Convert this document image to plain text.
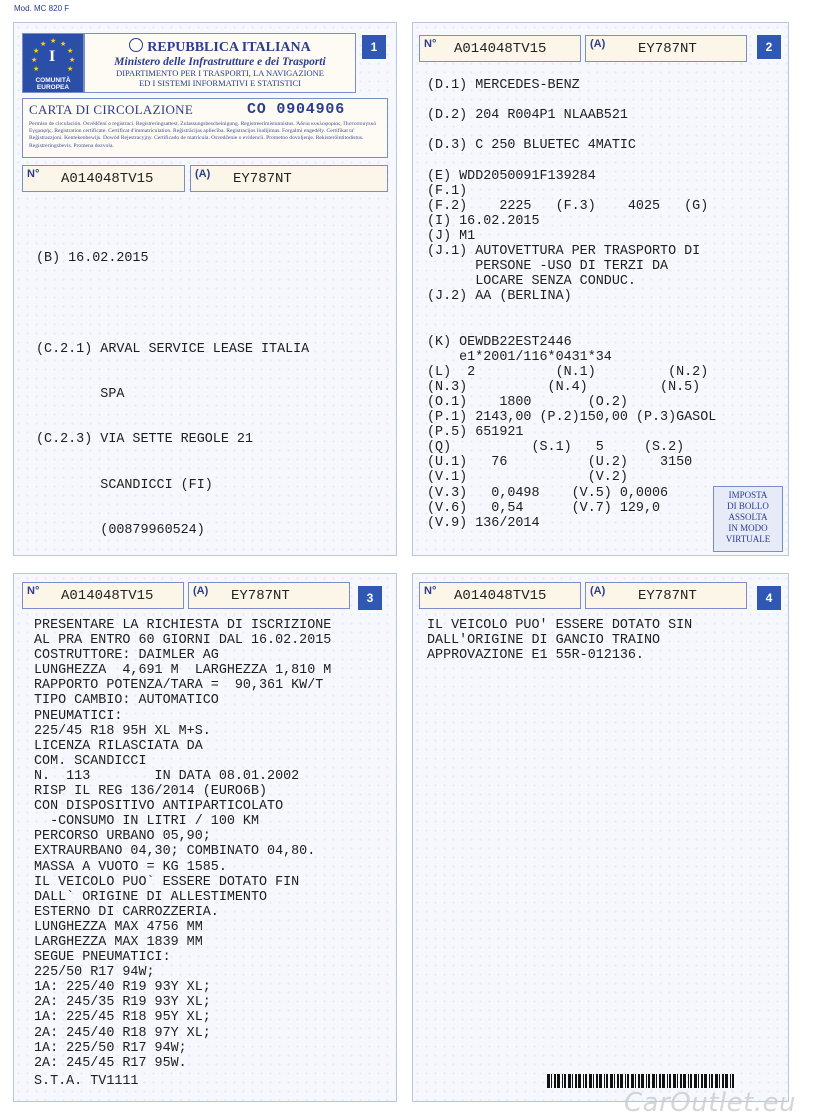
Mod. MC 820 F
1
★ ★
★
★
★
★
★
★
★
I
COMUNITÀ EUROPEA
REPUBBLICA ITALIANA
Ministero delle Infrastrutture e dei Trasporti
DIPARTIMENTO PER I TRASPORTI, LA NAVIGAZIONE
ED I SISTEMI INFORMATIVI E STATISTICI
CARTA DI CIRCOLAZIONE	CO 0904906
Permiso de circulación. Osvědčení o registraci. Registreringsattest. Zulassungsbescheinigung. Registreerimistunnistus. Άδεια κυκλοφορίας. Πιστοποιητικό Εγγραφής. Registration certificate. Certificat d'immatriculation. Reģistrācijas apliecība. Registracijos liudijimas. Forgalmi engedély. Certifikat ta' Reģistrazzjoni. Kentekenbewijs. Dowód Rejestracyjny. Certificado de matrícula. Osvedčenie o evidencii. Prometno dovoljenje. Rekisteröintitodistus. Registreringsbevis. Promena dozvola.
N° A014048TV15	(A) EY787NT

(B) 16.02.2015

(C.2.1) ARVAL SERVICE LEASE ITALIA

SPA

(C.2.3) VIA SETTE REGOLE 21

SCANDICCI (FI)

(00879960524)

2
N° A014048TV15	(A) EY787NT
(D.1) MERCEDES-BENZ

(D.2) 204 R004P1 NLAAB521

(D.3) C 250 BLUETEC 4MATIC

(E) WDD2050091F139284
(F.1)
(F.2)    2225   (F.3)    4025   (G)
(I) 16.02.2015
(J) M1
(J.1) AUTOVETTURA PER TRASPORTO DI
PERSONE -USO DI TERZI DA
LOCARE SENZA CONDUC.
(J.2) AA (BERLINA)

(K) OEWDB22EST2446
e1*2001/116*0431*34
(L)  2          (N.1)         (N.2)
(N.3)          (N.4)         (N.5)
(O.1)    1800       (O.2)
(P.1) 2143,00 (P.2)150,00 (P.3)GASOL
(P.5) 651921
(Q)          (S.1)   5     (S.2)
(U.1)   76          (U.2)    3150
(V.1)               (V.2)
(V.3)   0,0498    (V.5) 0,0006
(V.6)   0,54      (V.7) 129,0
(V.9) 136/2014
IMPOSTA
DI BOLLO
ASSOLTA
IN MODO
VIRTUALE
3
N° A014048TV15	(A) EY787NT
PRESENTARE LA RICHIESTA DI ISCRIZIONE
AL PRA ENTRO 60 GIORNI DAL 16.02.2015
COSTRUTTORE: DAIMLER AG
LUNGHEZZA  4,691 M  LARGHEZZA 1,810 M
RAPPORTO POTENZA/TARA =  90,361 KW/T
TIPO CAMBIO: AUTOMATICO
PNEUMATICI:
225/45 R18 95H XL M+S.
LICENZA RILASCIATA DA
COM. SCANDICCI
N.  113        IN DATA 08.01.2002
RISP IL REG 136/2014 (EURO6B)
CON DISPOSITIVO ANTIPARTICOLATO
-CONSUMO IN LITRI / 100 KM
PERCORSO URBANO 05,90;
EXTRAURBANO 04,30; COMBINATO 04,80.
MASSA A VUOTO = KG 1585.
IL VEICOLO PUO` ESSERE DOTATO FIN
DALL` ORIGINE DI ALLESTIMENTO
ESTERNO DI CARROZZERIA.
LUNGHEZZA MAX 4756 MM
LARGHEZZA MAX 1839 MM
SEGUE PNEUMATICI:
225/50 R17 94W;
1A: 225/40 R19 93Y XL;
2A: 245/35 R19 93Y XL;
1A: 225/45 R18 95Y XL;
2A: 245/40 R18 97Y XL;
1A: 225/50 R17 94W;
2A: 245/45 R17 95W.
S.T.A. TV1111
4
N° A014048TV15	(A) EY787NT
IL VEICOLO PUO' ESSERE DOTATO SIN
DALL'ORIGINE DI GANCIO TRAINO
APPROVAZIONE E1 55R-012136.
CarOutlet.eu
